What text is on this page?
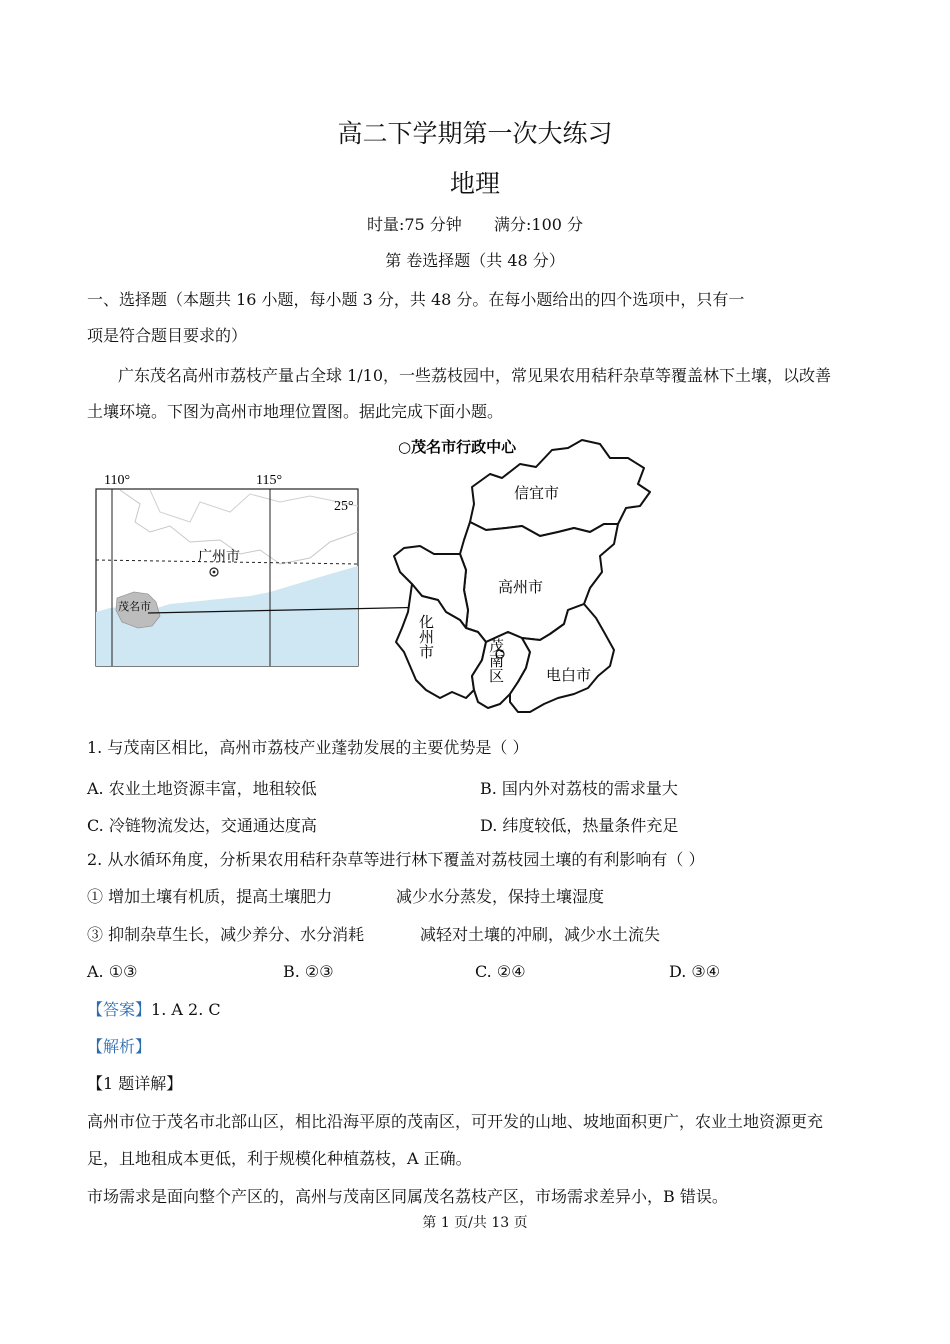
高二下学期第一次大练习
地理
时量:75 分钟 满分:100 分
第 卷选择题（共 48 分）
一、选择题（本题共 16 小题，每小题 3 分，共 48 分。在每小题给出的四个选项中，只有一
项是符合题目要求的）
广东茂名高州市荔枝产量占全球 1/10，一些荔枝园中，常见果农用秸秆杂草等覆盖林下土壤，以改善
土壤环境。下图为高州市地理位置图。据此完成下面小题。
110°	115°
25°
广州市
茂名市
○茂名市行政中心
信宜市
高州市
电白市
化州市
茂南区
1. 与茂南区相比，高州市荔枝产业蓬勃发展的主要优势是（ ）
A. 农业土地资源丰富，地租较低	B. 国内外对荔枝的需求量大
C. 冷链物流发达，交通通达度高	D. 纬度较低，热量条件充足
2. 从水循环角度，分析果农用秸秆杂草等进行林下覆盖对荔枝园土壤的有利影响有（ ）
① 增加土壤有机质，提高土壤肥力	减少水分蒸发，保持土壤湿度
③ 抑制杂草生长，减少养分、水分消耗	减轻对土壤的冲刷，减少水土流失
A. ①③	B. ②③	C. ②④	D. ③④
【答案】1. A 2. C
【解析】
【1 题详解】
高州市位于茂名市北部山区，相比沿海平原的茂南区，可开发的山地、坡地面积更广，农业土地资源更充
足，且地租成本更低，利于规模化种植荔枝，A 正确。
市场需求是面向整个产区的，高州与茂南区同属茂名荔枝产区，市场需求差异小，B 错误。
第 1 页/共 13 页
